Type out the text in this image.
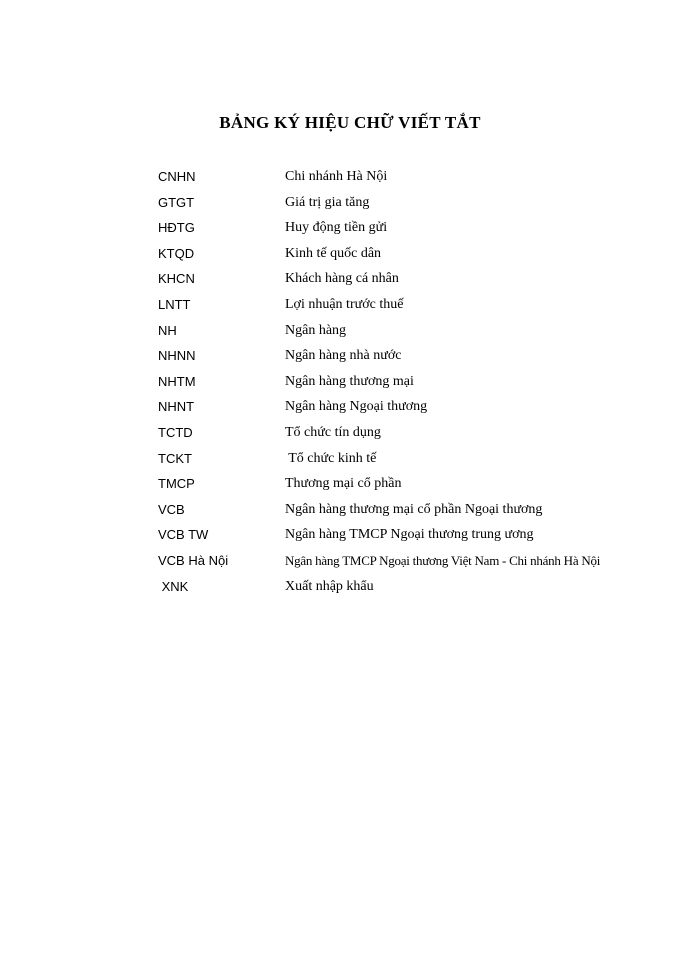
BẢNG KÝ HIỆU CHỮ VIẾT TẮT
CNHN	Chi nhánh Hà Nội
GTGT	Giá trị gia tăng
HĐTG	Huy động tiền gửi
KTQD	Kinh tế quốc dân
KHCN	Khách hàng cá nhân
LNTT	Lợi nhuận trước thuế
NH	Ngân hàng
NHNN	Ngân hàng nhà nước
NHTM	Ngân hàng thương mại
NHNT	Ngân hàng Ngoại thương
TCTD	Tổ chức tín dụng
TCKT	Tổ chức kinh tế
TMCP	Thương mại cổ phần
VCB	Ngân hàng thương mại cổ phần Ngoại thương
VCB TW	Ngân hàng TMCP Ngoại thương trung ương
VCB Hà Nội	Ngân hàng TMCP Ngoại thương Việt Nam - Chi nhánh Hà Nội
XNK	Xuất nhập khẩu
